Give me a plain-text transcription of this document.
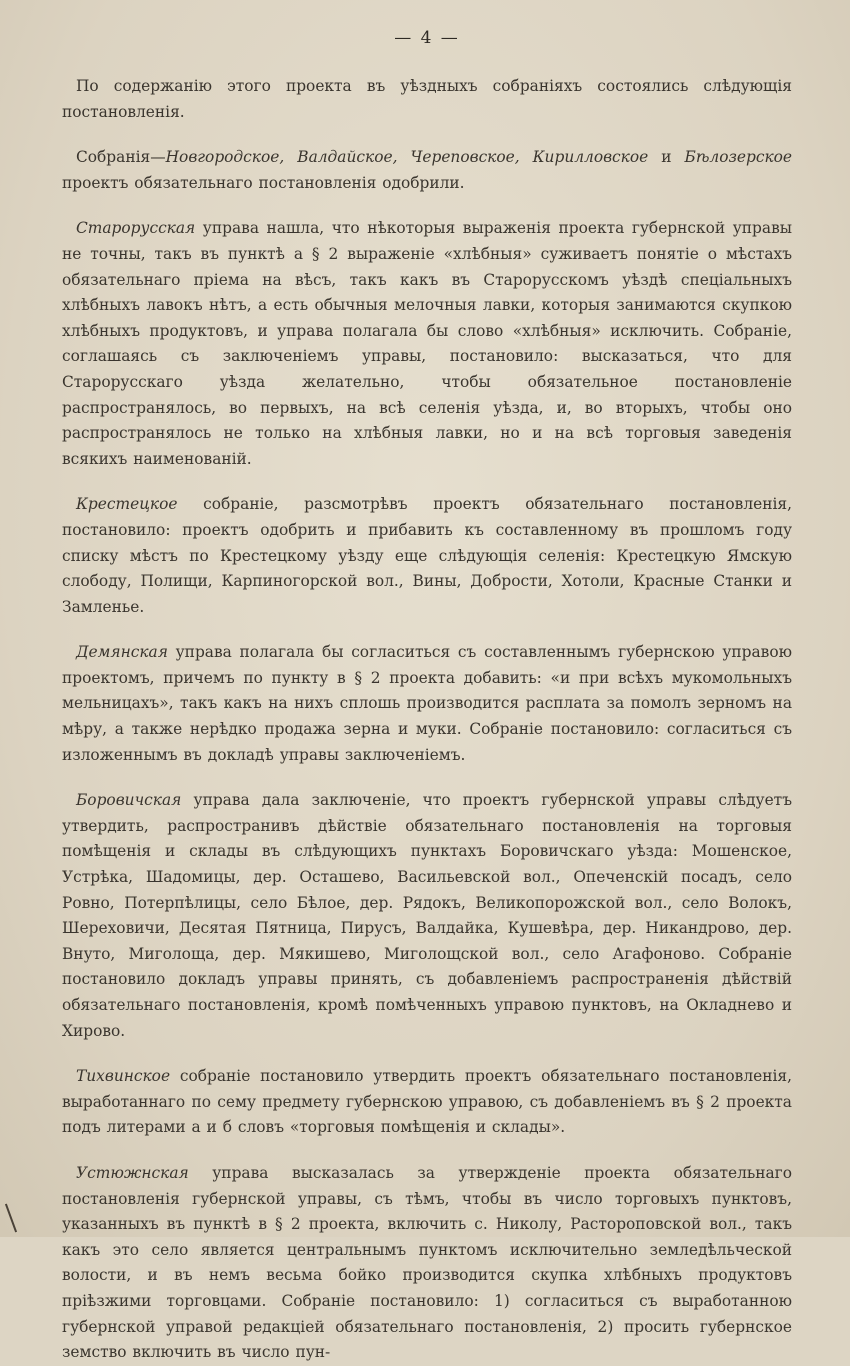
— 4 —

По содержанію этого проекта въ уѣздныхъ собраніяхъ состоялись слѣдующія постановленія.

Собранія—Новгородское, Валдайское, Череповское, Кирилловское и Бѣлозерское проектъ обязательнаго постановленія одобрили.

Старорусская управа нашла, что нѣкоторыя выраженія проекта губернской управы не точны, такъ въ пунктѣ а § 2 выраженіе «хлѣбныя» суживаетъ понятіе о мѣстахъ обязательнаго пріема на вѣсъ, такъ какъ въ Старорусскомъ уѣздѣ спеціальныхъ хлѣбныхъ лавокъ нѣтъ, а есть обычныя мелочныя лавки, которыя занимаются скупкою хлѣбныхъ продуктовъ, и управа полагала бы слово «хлѣбныя» исключить. Собраніе, соглашаясь съ заключеніемъ управы, постановило: высказаться, что для Старорусскаго уѣзда желательно, чтобы обязательное постановленіе распространялось, во первыхъ, на всѣ селенія уѣзда, и, во вторыхъ, чтобы оно распространялось не только на хлѣбныя лавки, но и на всѣ торговыя заведенія всякихъ наименованій.

Крестецкое собраніе, разсмотрѣвъ проектъ обязательнаго постановленія, постановило: проектъ одобрить и прибавить къ составленному въ прошломъ году списку мѣстъ по Крестецкому уѣзду еще слѣдующія селенія: Крестецкую Ямскую слободу, Полищи, Карпиногорской вол., Вины, Добрости, Хотоли, Красные Станки и Замленье.

Демянская управа полагала бы согласиться съ составленнымъ губернскою управою проектомъ, причемъ по пункту в § 2 проекта добавить: «и при всѣхъ мукомольныхъ мельницахъ», такъ какъ на нихъ сплошь производится расплата за помолъ зерномъ на мѣру, а также нерѣдко продажа зерна и муки. Собраніе постановило: согласиться съ изложеннымъ въ докладѣ управы заключеніемъ.

Боровичская управа дала заключеніе, что проектъ губернской управы слѣдуетъ утвердить, распространивъ дѣйствіе обязательнаго постановленія на торговыя помѣщенія и склады въ слѣдующихъ пунктахъ Боровичскаго уѣзда: Мошенское, Устрѣка, Шадомицы, дер. Осташево, Васильевской вол., Опеченскій посадъ, село Ровно, Потерпѣлицы, село Бѣлое, дер. Рядокъ, Великопорожской вол., село Волокъ, Шереховичи, Десятая Пятница, Пирусъ, Валдайка, Кушевѣра, дер. Никандрово, дер. Внуто, Миголоща, дер. Мякишево, Миголощской вол., село Агафоново. Собраніе постановило докладъ управы принять, съ добавленіемъ распространенія дѣйствій обязательнаго постановленія, кромѣ помѣченныхъ управою пунктовъ, на Окладнево и Хирово.

Тихвинское собраніе постановило утвердить проектъ обязательнаго постановленія, выработаннаго по сему предмету губернскою управою, съ добавленіемъ въ § 2 проекта подъ литерами а и б словъ «торговыя помѣщенія и склады».

Устюжнская управа высказалась за утвержденіе проекта обязательнаго постановленія губернской управы, съ тѣмъ, чтобы въ число торговыхъ пунктовъ, указанныхъ въ пунктѣ в § 2 проекта, включить с. Николу, Растороповской вол., такъ какъ это село является центральнымъ пунктомъ исключительно земледѣльческой волости, и въ немъ весьма бойко производится скупка хлѣбныхъ продуктовъ пріѣзжими торговцами. Собраніе постановило: 1) согласиться съ выработанною губернской управой редакціей обязательнаго постановленія, 2) просить губернское земство включить въ число пун-
